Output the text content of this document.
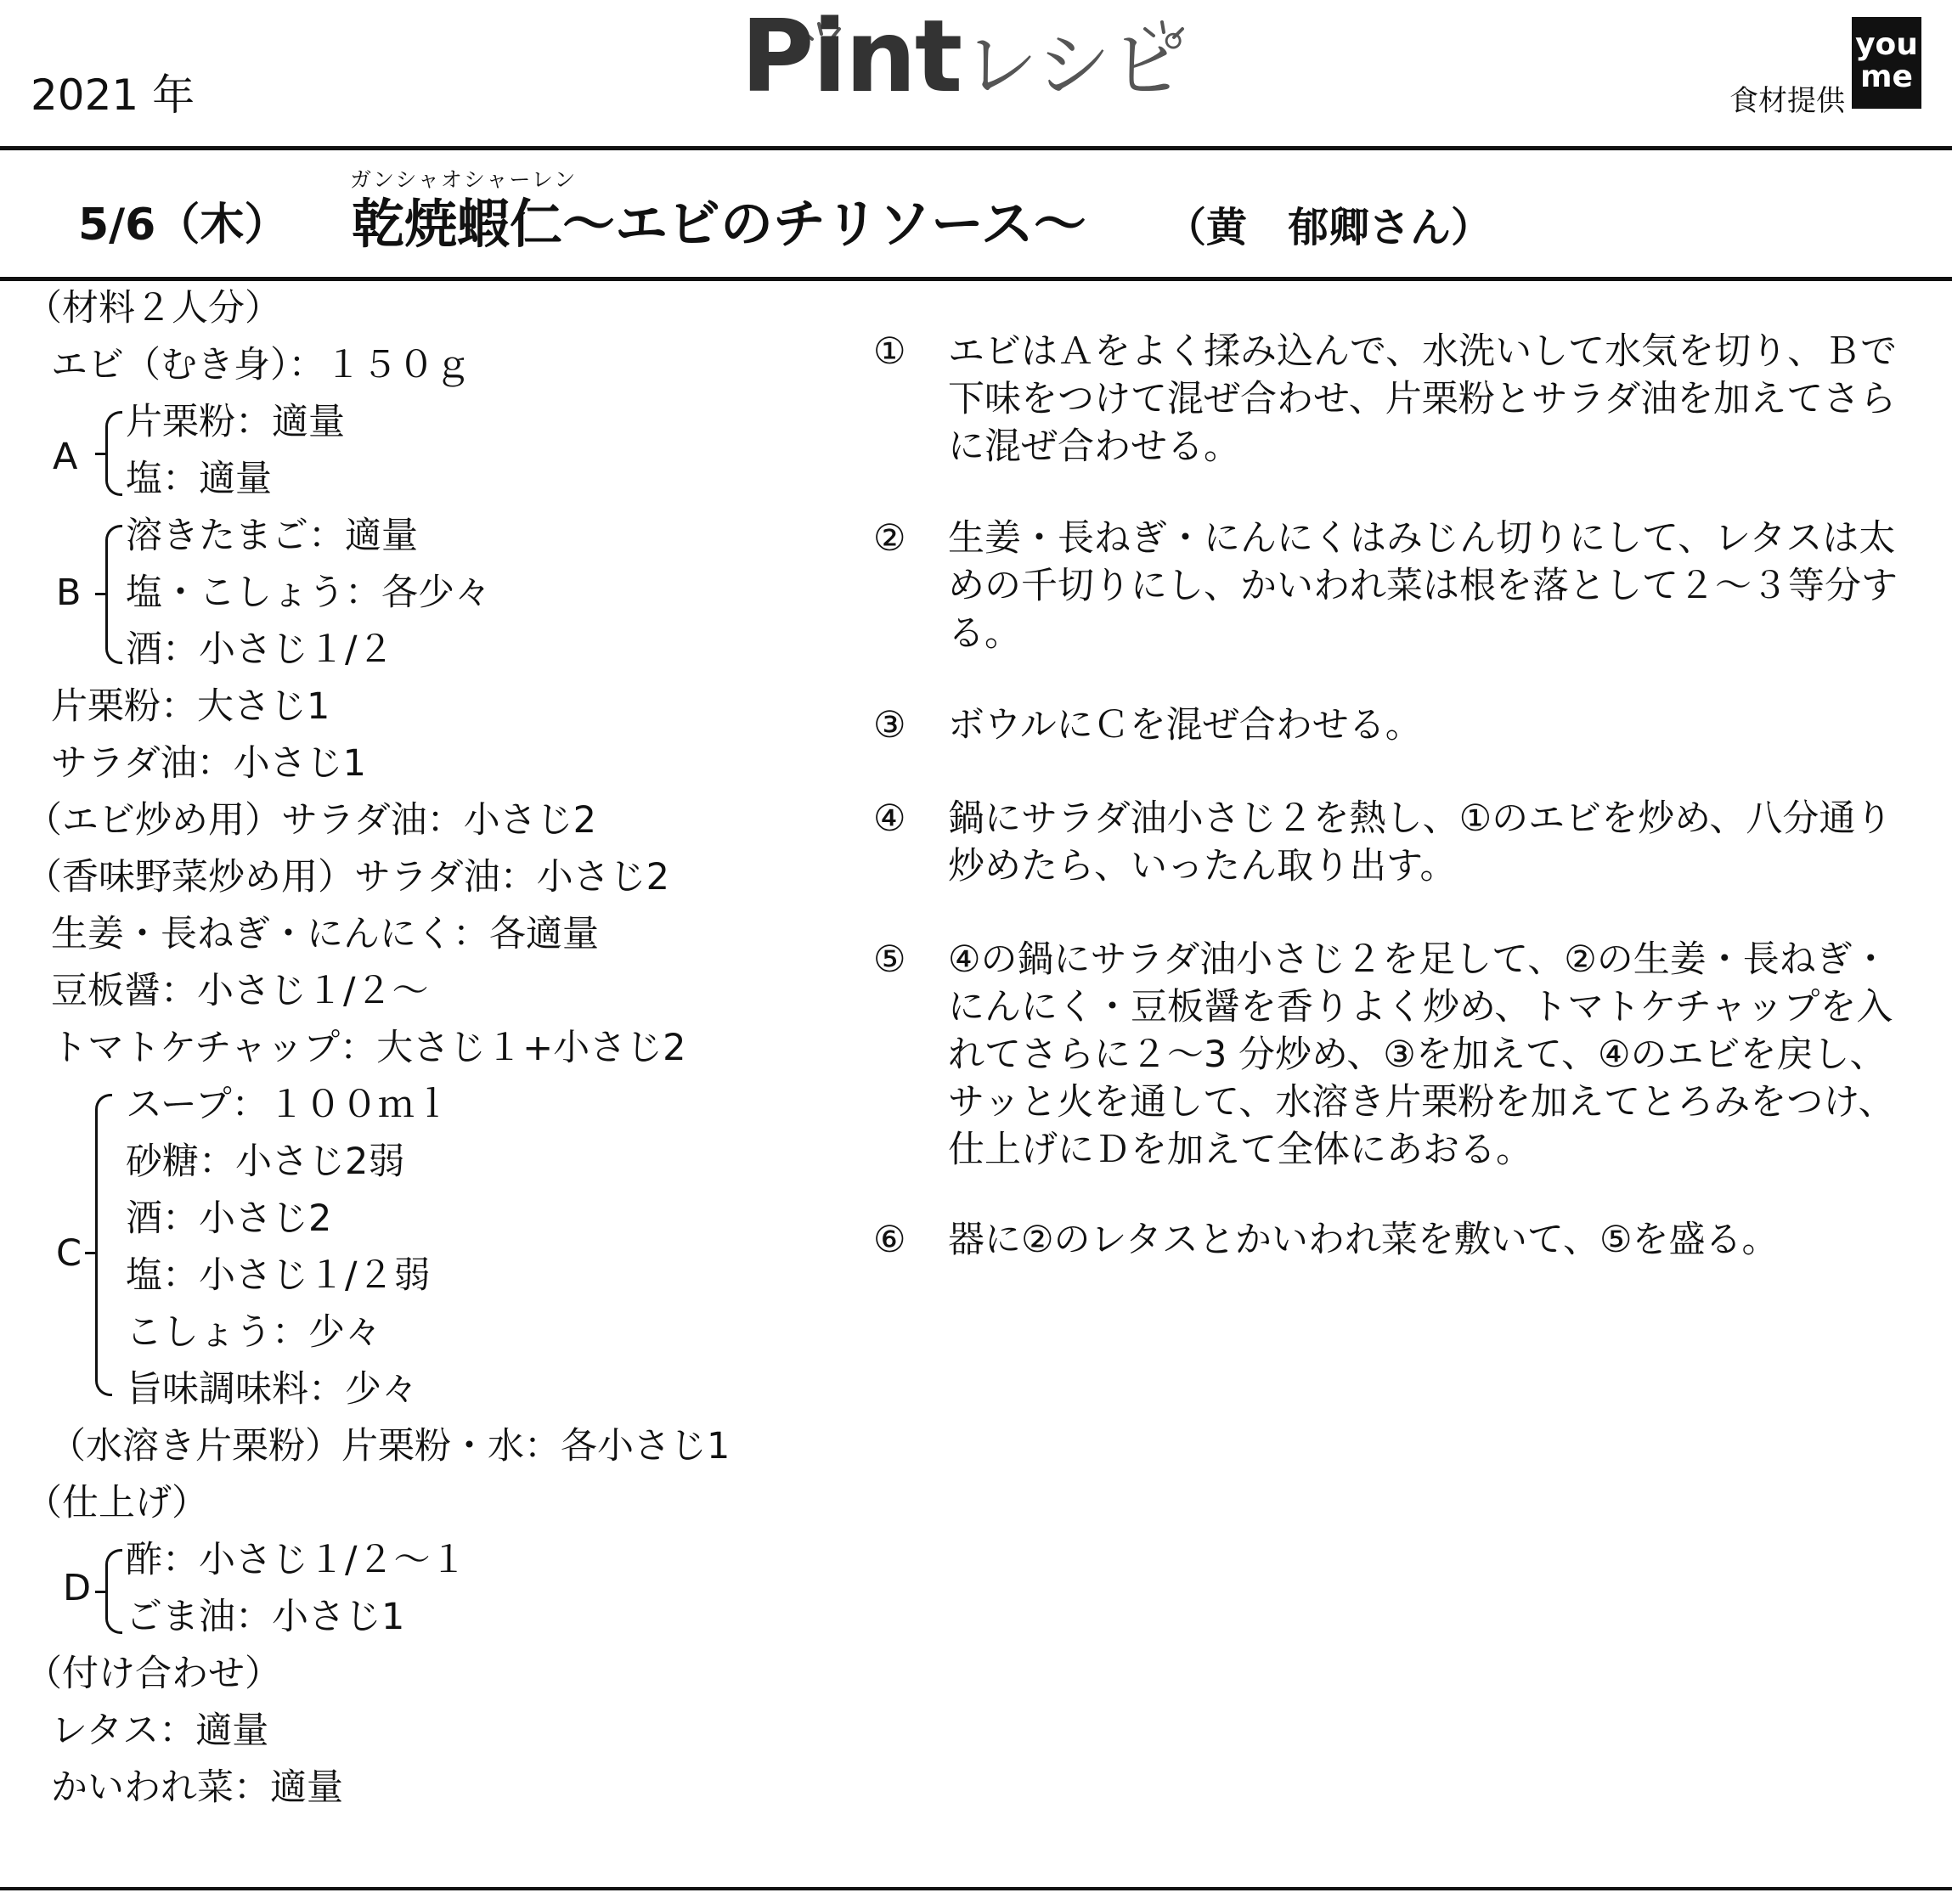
2021 年	Pint レシピ	食材提供
you
me
5/6（木）
ガンシャオシャーレン
乾焼蝦仁～エビのチリソース～ （黄　郁卿さん）
（材料２人分）
エビ（むき身）：１５０ｇ
A
片栗粉：適量
塩：適量
B
溶きたまご：適量
塩・こしょう：各少々
酒：小さじ１/２
片栗粉：大さじ1
サラダ油：小さじ1
（エビ炒め用）サラダ油：小さじ2
（香味野菜炒め用）サラダ油：小さじ2
生姜・長ねぎ・にんにく：各適量
豆板醤：小さじ１/２～
トマトケチャップ：大さじ１+小さじ2
C
スープ：１００ｍｌ
砂糖：小さじ2弱
酒：小さじ2
塩：小さじ１/２弱
こしょう：少々
旨味調味料：少々
（水溶き片栗粉）片栗粉・水：各小さじ1
（仕上げ）
D
酢：小さじ１/２～１
ごま油：小さじ1
（付け合わせ）
レタス：適量
かいわれ菜：適量
① エビはＡをよく揉み込んで、水洗いして水気を切り、Ｂで下味をつけて混ぜ合わせ、片栗粉とサラダ油を加えてさらに混ぜ合わせる。
② 生姜・長ねぎ・にんにくはみじん切りにして、レタスは太めの千切りにし、かいわれ菜は根を落として２～３等分する。
③ ボウルにＣを混ぜ合わせる。
④ 鍋にサラダ油小さじ２を熱し、①のエビを炒め、八分通り炒めたら、いったん取り出す。
⑤ ④の鍋にサラダ油小さじ２を足して、②の生姜・長ねぎ・にんにく・豆板醤を香りよく炒め、トマトケチャップを入れてさらに２～3 分炒め、③を加えて、④のエビを戻し、サッと火を通して、水溶き片栗粉を加えてとろみをつけ、仕上げにＤを加えて全体にあおる。
⑥ 器に②のレタスとかいわれ菜を敷いて、⑤を盛る。
